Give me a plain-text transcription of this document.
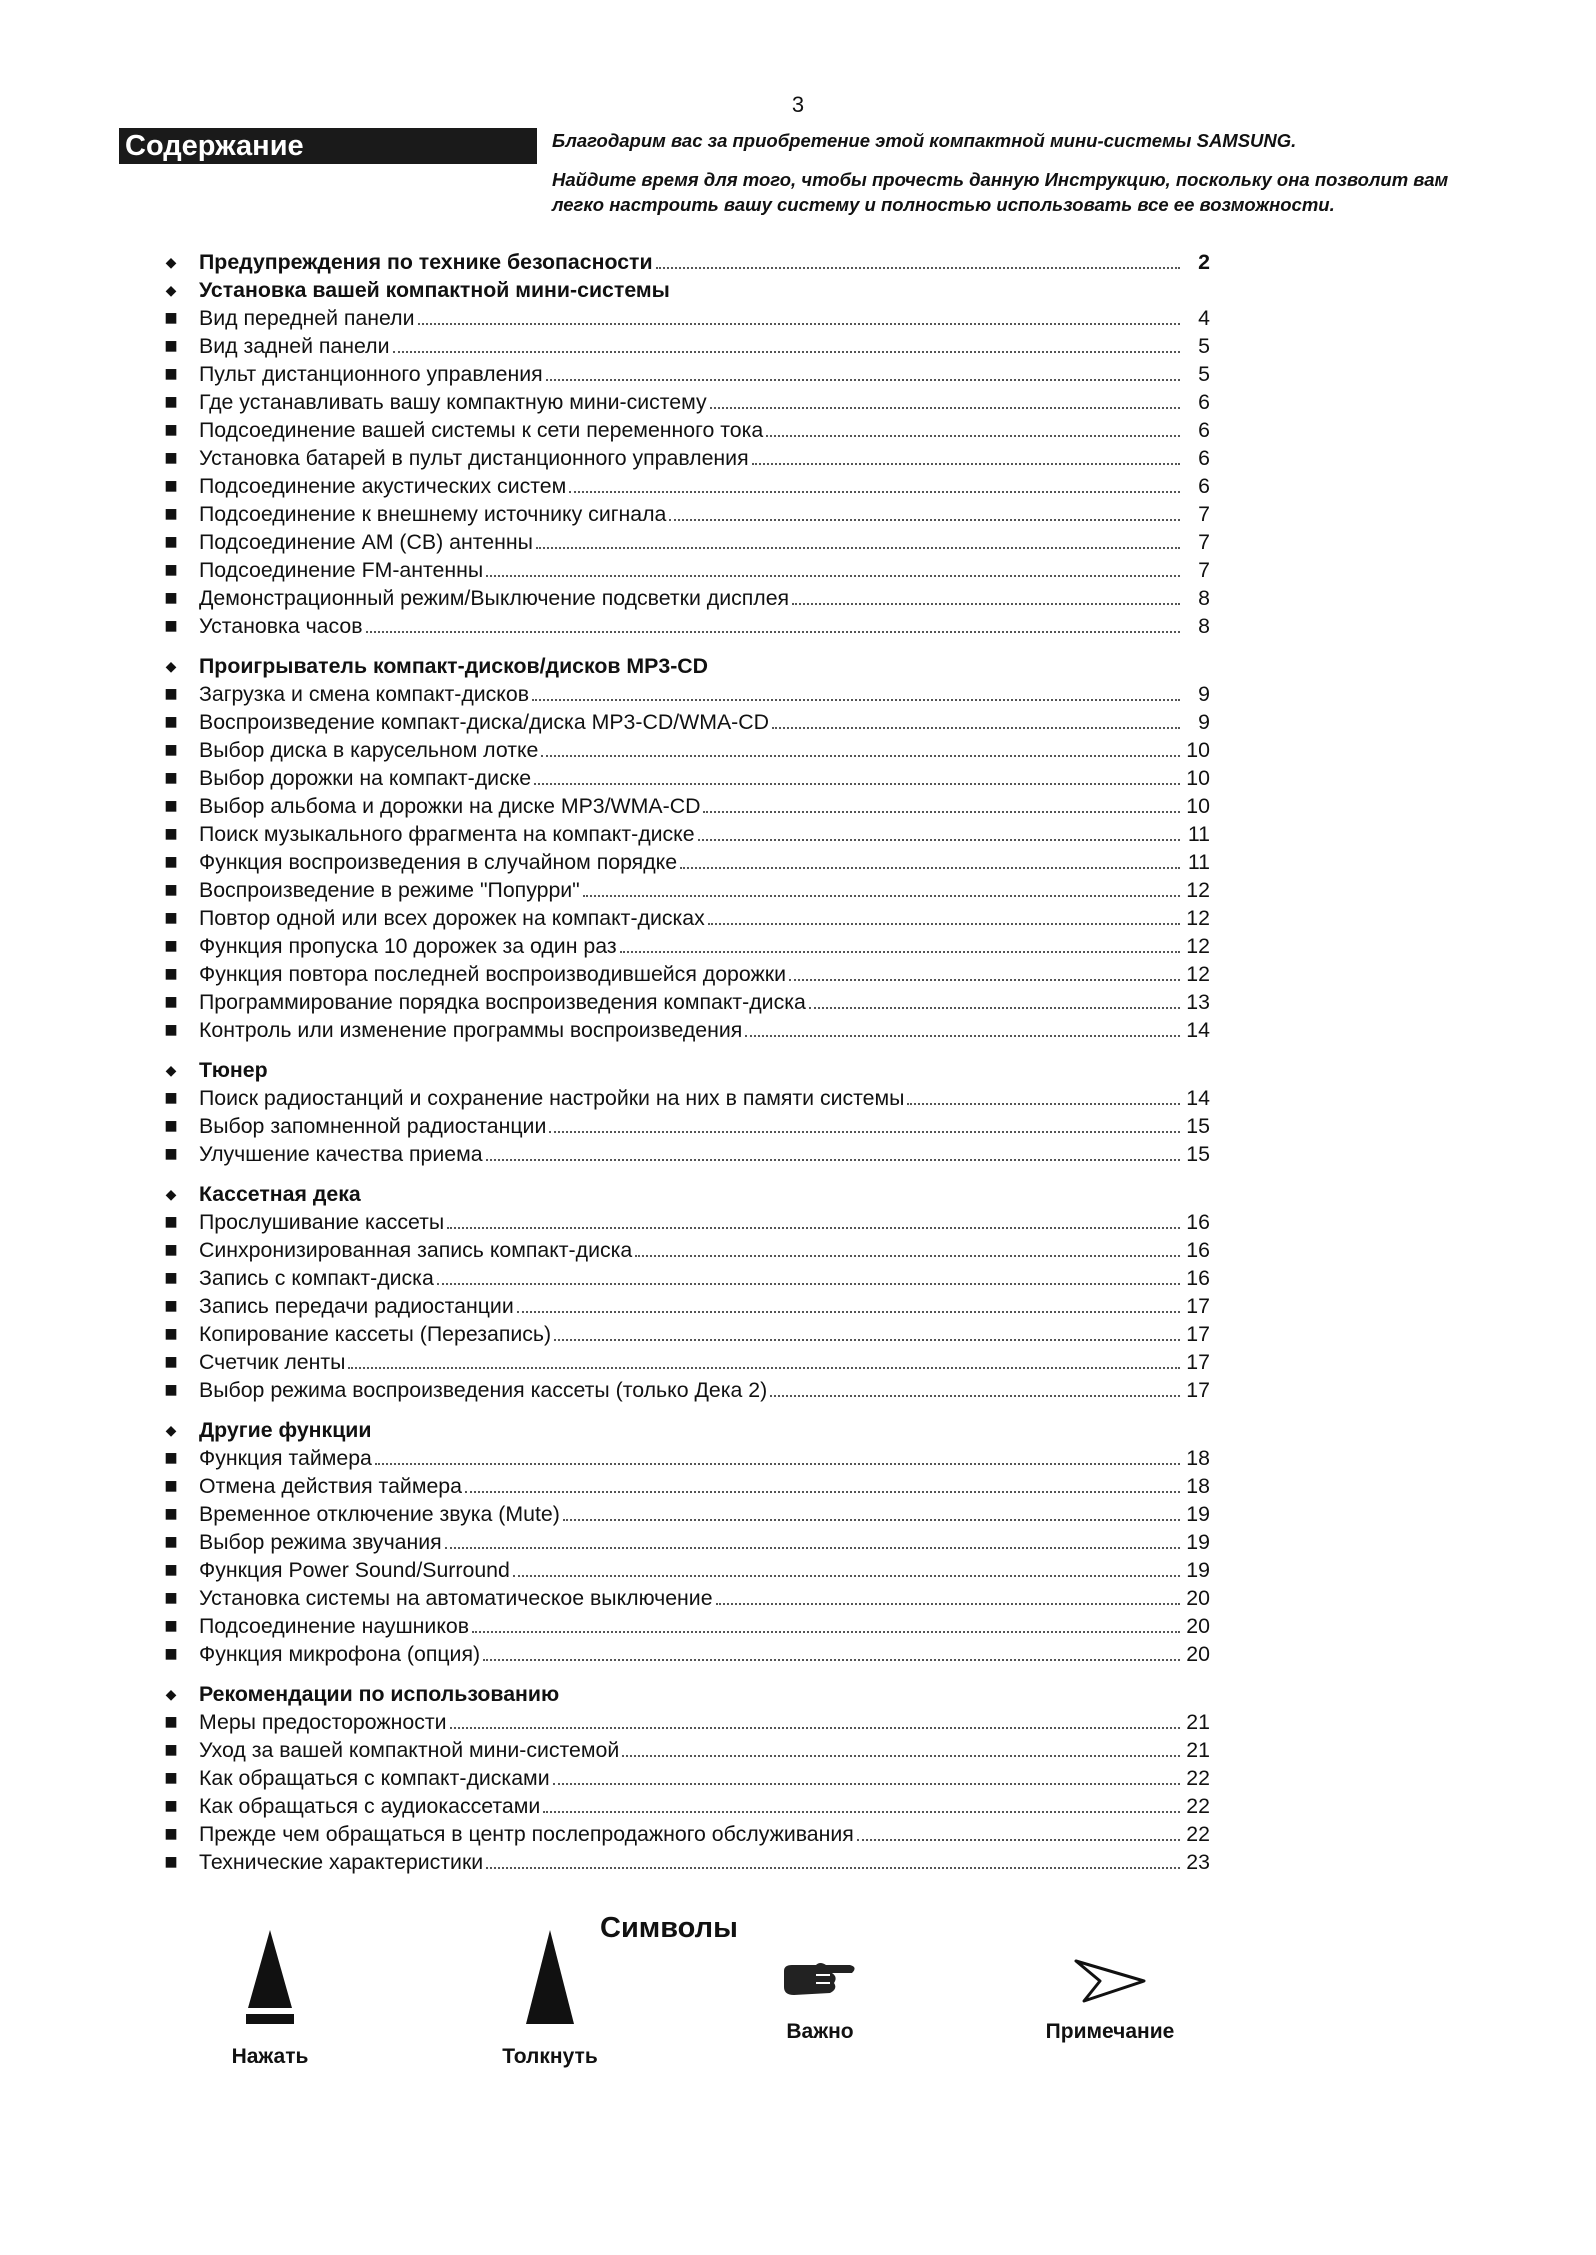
3
Содержание	Благодарим вас за приобретение этой компактной мини-системы SAMSUNG.

Найдите время для того, чтобы прочесть данную Инструкцию, поскольку она позволит вам легко настроить вашу систему и полностью использовать все ее возможности.

◆ Предупреждения по технике безопасности	2
◆ Установка вашей компактной мини-системы
■ Вид передней панели	4
■ Вид задней панели	5
■ Пульт дистанционного управления	5
■ Где устанавливать вашу компактную мини-систему	6
■ Подсоединение вашей системы к сети переменного тока	6
■ Установка батарей в пульт дистанционного управления	6
■ Подсоединение акустических систем	6
■ Подсоединение к внешнему источнику сигнала	7
■ Подсоединение AM (CB) антенны	7
■ Подсоединение FM-антенны	7
■ Демонстрационный режим/Выключение подсветки дисплея	8
■ Установка часов	8
◆ Проигрыватель компакт-дисков/дисков MP3-CD
■ Загрузка и смена компакт-дисков	9
■ Воспроизведение компакт-диска/диска MP3-CD/WMA-CD	9
■ Выбор диска в карусельном лотке	10
■ Выбор дорожки на компакт-диске	10
■ Выбор альбома и дорожки на диске MP3/WMA-CD	10
■ Поиск музыкального фрагмента на компакт-диске	11
■ Функция воспроизведения в случайном порядке	11
■ Воспроизведение в режиме "Попурри"	12
■ Повтор одной или всех дорожек на компакт-дисках	12
■ Функция пропуска 10 дорожек за один раз	12
■ Функция повтора последней воспроизводившейся дорожки	12
■ Программирование порядка воспроизведения компакт-диска	13
■ Контроль или изменение программы воспроизведения	14
◆ Тюнер
■ Поиск радиостанций и сохранение настройки на них в памяти системы	14
■ Выбор запомненной радиостанции	15
■ Улучшение качества приема	15
◆ Кассетная дека
■ Прослушивание кассеты	16
■ Синхронизированная запись компакт-диска	16
■ Запись с компакт-диска	16
■ Запись передачи радиостанции	17
■ Копирование кассеты (Перезапись)	17
■ Счетчик ленты	17
■ Выбор режима воспроизведения кассеты (только Дека 2)	17
◆ Другие функции
■ Функция таймера	18
■ Отмена действия таймера	18
■ Временное отключение звука (Mute)	19
■ Выбор режима звучания	19
■ Функция Power Sound/Surround	19
■ Установка системы на автоматическое выключение	20
■ Подсоединение наушников	20
■ Функция микрофона (опция)	20
◆ Рекомендации по использованию
■ Меры предосторожности	21
■ Уход за вашей компактной мини-системой	21
■ Как обращаться с компакт-дисками	22
■ Как обращаться с аудиокассетами	22
■ Прежде чем обращаться в центр послепродажного обслуживания	22
■ Технические характеристики	23
Символы
Нажать	Толкнуть
Важно	Примечание
